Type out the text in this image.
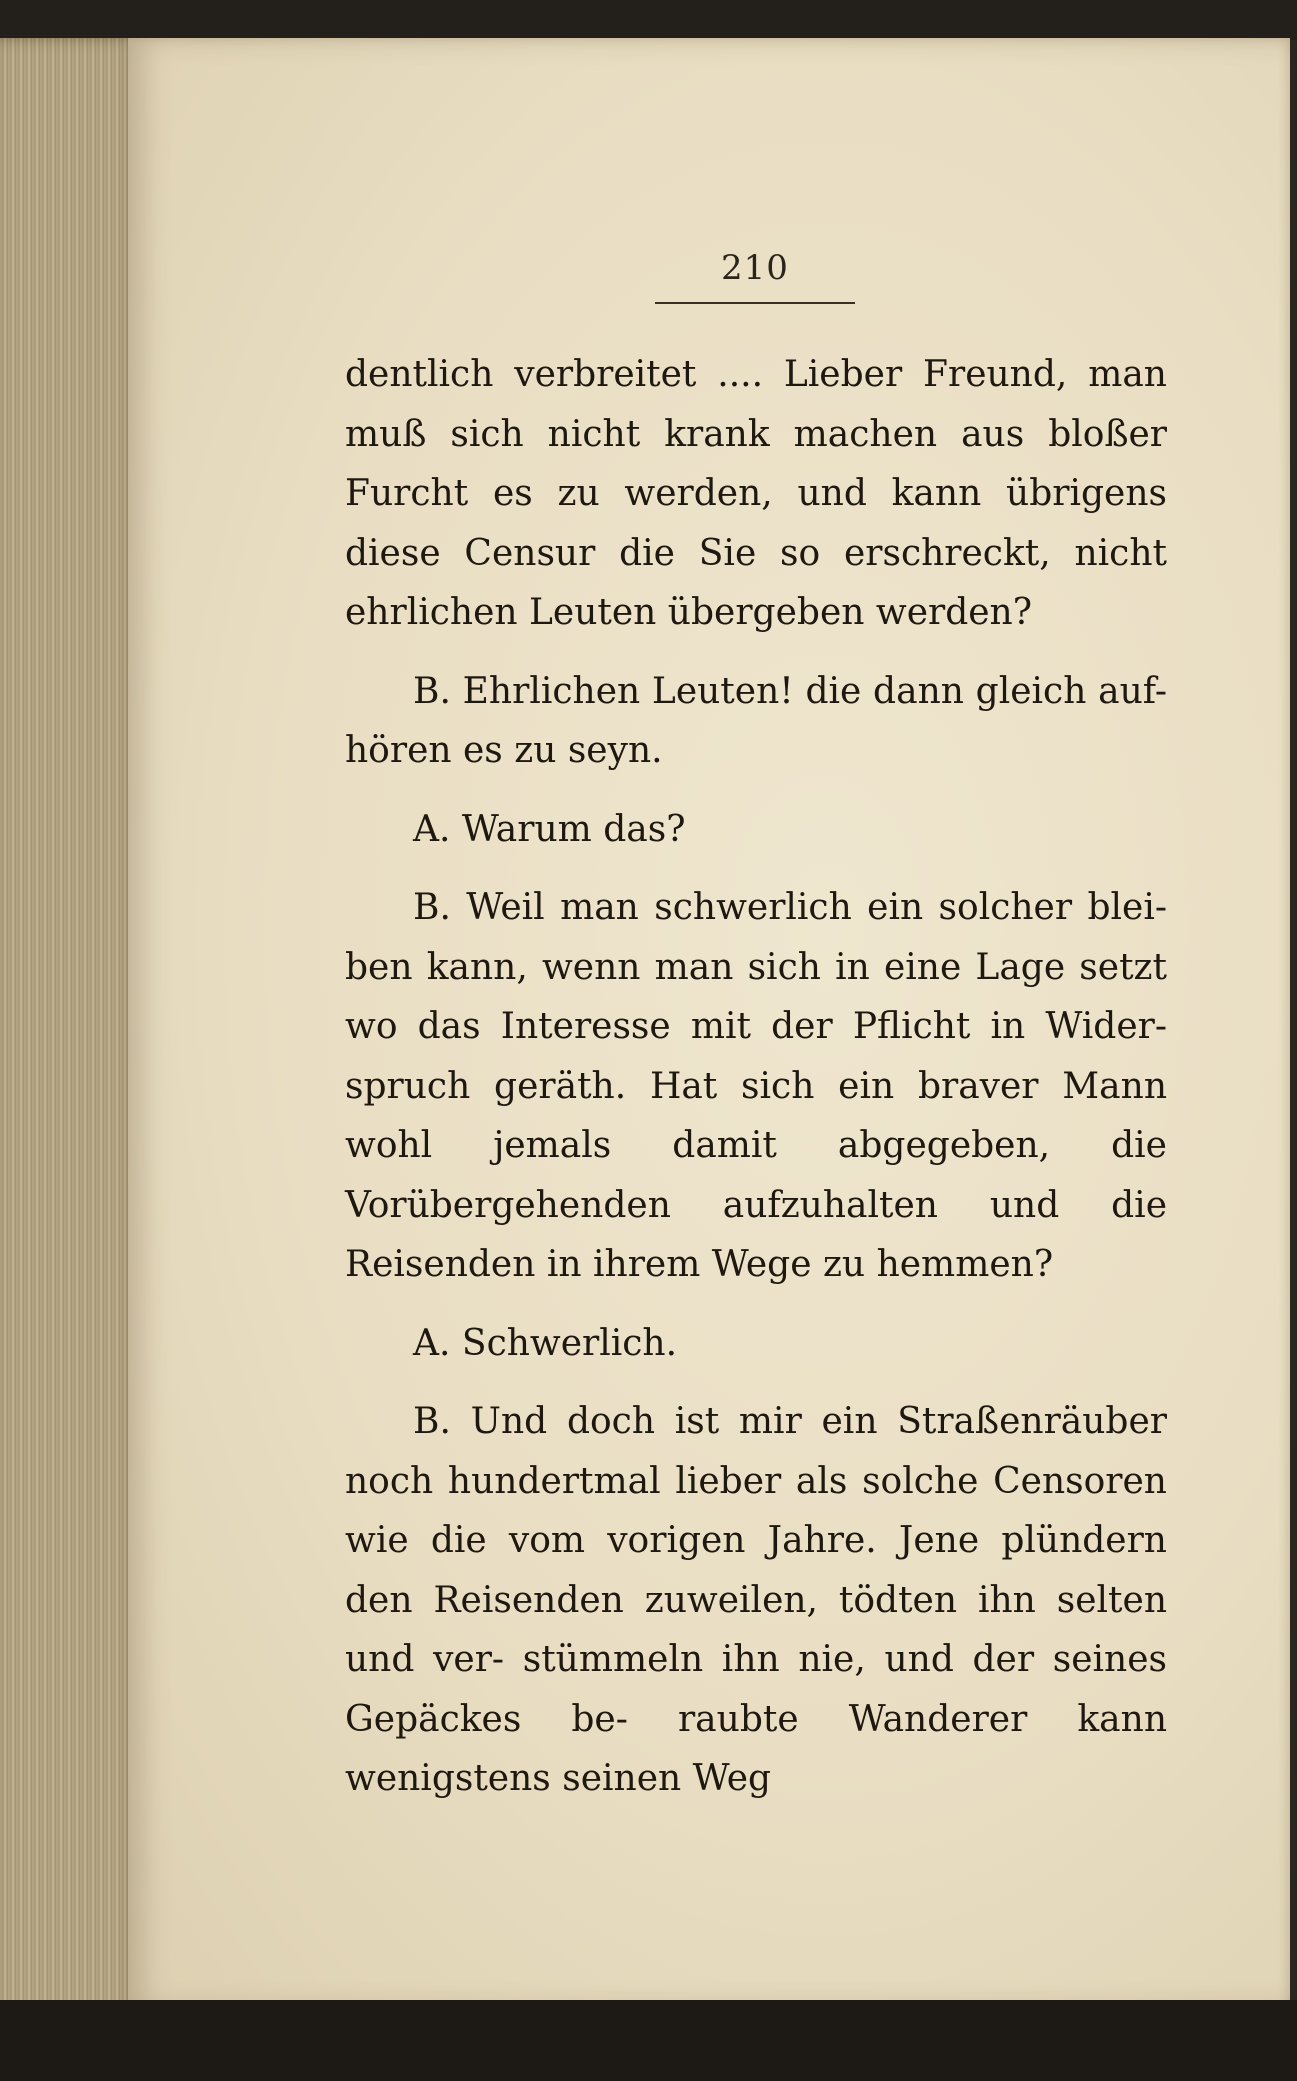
210

dentlich verbreitet .... Lieber Freund, man muß sich nicht krank machen aus bloßer Furcht es zu werden, und kann übrigens diese Censur die Sie so erschreckt, nicht ehrlichen Leuten übergeben werden?

B. Ehrlichen Leuten! die dann gleich auf- hören es zu seyn.

A. Warum das?

B. Weil man schwerlich ein solcher blei- ben kann, wenn man sich in eine Lage setzt wo das Interesse mit der Pflicht in Wider- spruch geräth. Hat sich ein braver Mann wohl jemals damit abgegeben, die Vorübergehenden aufzuhalten und die Reisenden in ihrem Wege zu hemmen?

A. Schwerlich.

B. Und doch ist mir ein Straßenräuber noch hundertmal lieber als solche Censoren wie die vom vorigen Jahre. Jene plündern den Reisenden zuweilen, tödten ihn selten und ver- stümmeln ihn nie, und der seines Gepäckes be- raubte Wanderer kann wenigstens seinen Weg
